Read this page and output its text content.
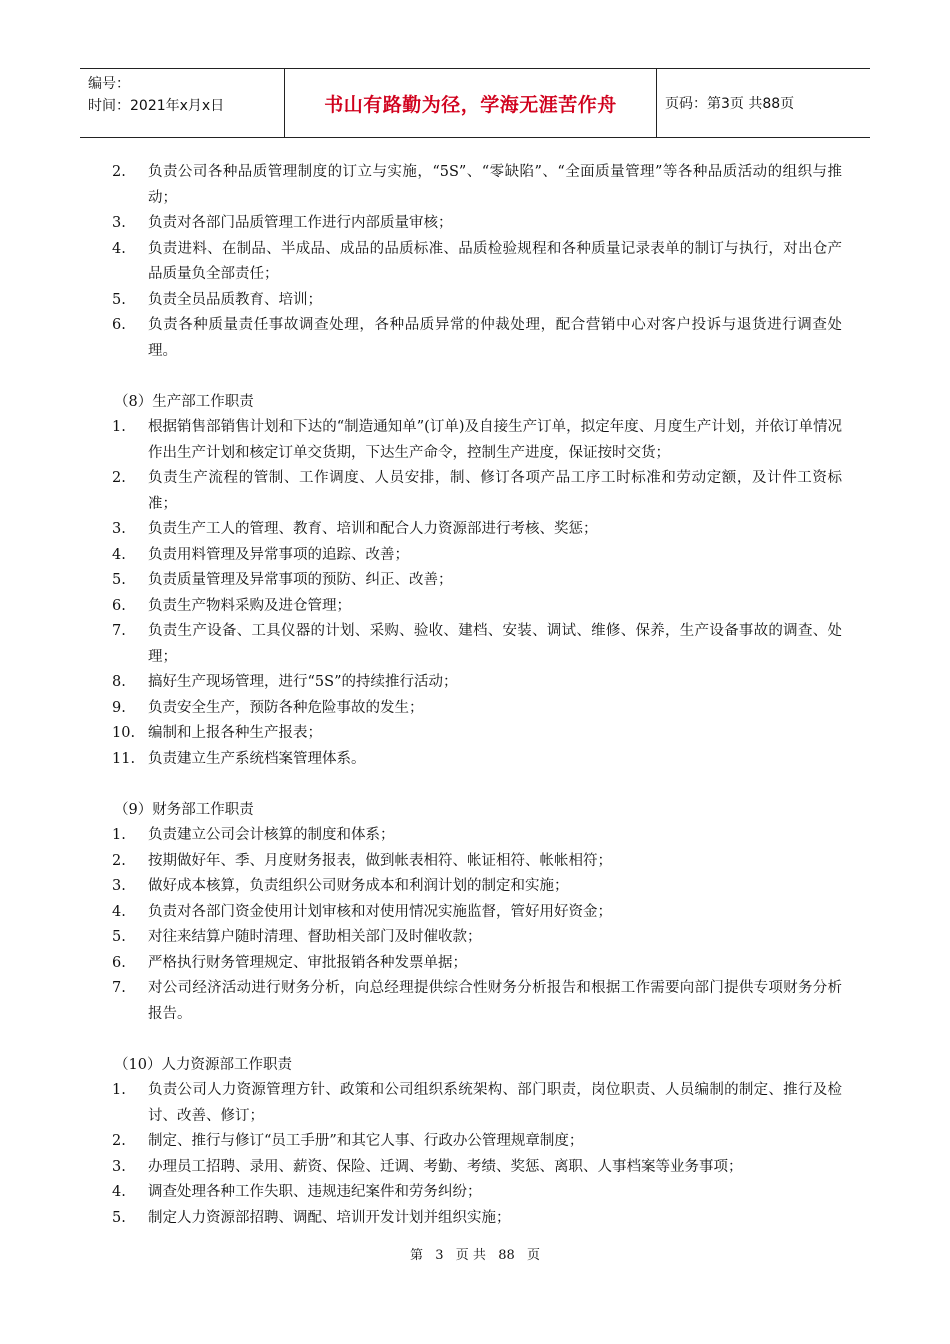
编号：
时间：2021年x月x日	书山有路勤为径，学海无涯苦作舟	页码：第3页 共88页
2.	负责公司各种品质管理制度的订立与实施，“5S”、“零缺陷”、“全面质量管理”等各种品质活动的组织与推动；
3.	负责对各部门品质管理工作进行内部质量审核；
4.	负责进料、在制品、半成品、成品的品质标准、品质检验规程和各种质量记录表单的制订与执行，对出仓产品质量负全部责任；
5.	负责全员品质教育、培训；
6.	负责各种质量责任事故调查处理，各种品质异常的仲裁处理，配合营销中心对客户投诉与退货进行调查处理。
（8）生产部工作职责
1.	根据销售部销售计划和下达的“制造通知单”(订单)及自接生产订单，拟定年度、月度生产计划，并依订单情况作出生产计划和核定订单交货期，下达生产命令，控制生产进度，保证按时交货；
2.	负责生产流程的管制、工作调度、人员安排，制、修订各项产品工序工时标准和劳动定额，及计件工资标准；
3.	负责生产工人的管理、教育、培训和配合人力资源部进行考核、奖惩；
4.	负责用料管理及异常事项的追踪、改善；
5.	负责质量管理及异常事项的预防、纠正、改善；
6.	负责生产物料采购及进仓管理；
7.	负责生产设备、工具仪器的计划、采购、验收、建档、安装、调试、维修、保养，生产设备事故的调查、处理；
8.	搞好生产现场管理，进行“5S”的持续推行活动；
9.	负责安全生产，预防各种危险事故的发生；
10. 编制和上报各种生产报表；
11. 负责建立生产系统档案管理体系。
（9）财务部工作职责
1.	负责建立公司会计核算的制度和体系；
2.	按期做好年、季、月度财务报表，做到帐表相符、帐证相符、帐帐相符；
3.	做好成本核算，负责组织公司财务成本和利润计划的制定和实施；
4.	负责对各部门资金使用计划审核和对使用情况实施监督，管好用好资金；
5.	对往来结算户随时清理、督助相关部门及时催收款；
6.	严格执行财务管理规定、审批报销各种发票单据；
7.	对公司经济活动进行财务分析，向总经理提供综合性财务分析报告和根据工作需要向部门提供专项财务分析报告。
（10）人力资源部工作职责
1.	负责公司人力资源管理方针、政策和公司组织系统架构、部门职责，岗位职责、人员编制的制定、推行及检讨、改善、修订；
2.	制定、推行与修订“员工手册”和其它人事、行政办公管理规章制度；
3.	办理员工招聘、录用、薪资、保险、迁调、考勤、考绩、奖惩、离职、人事档案等业务事项；
4.	调查处理各种工作失职、违规违纪案件和劳务纠纷；
5.	制定人力资源部招聘、调配、培训开发计划并组织实施；
第 3 页 共 88 页
